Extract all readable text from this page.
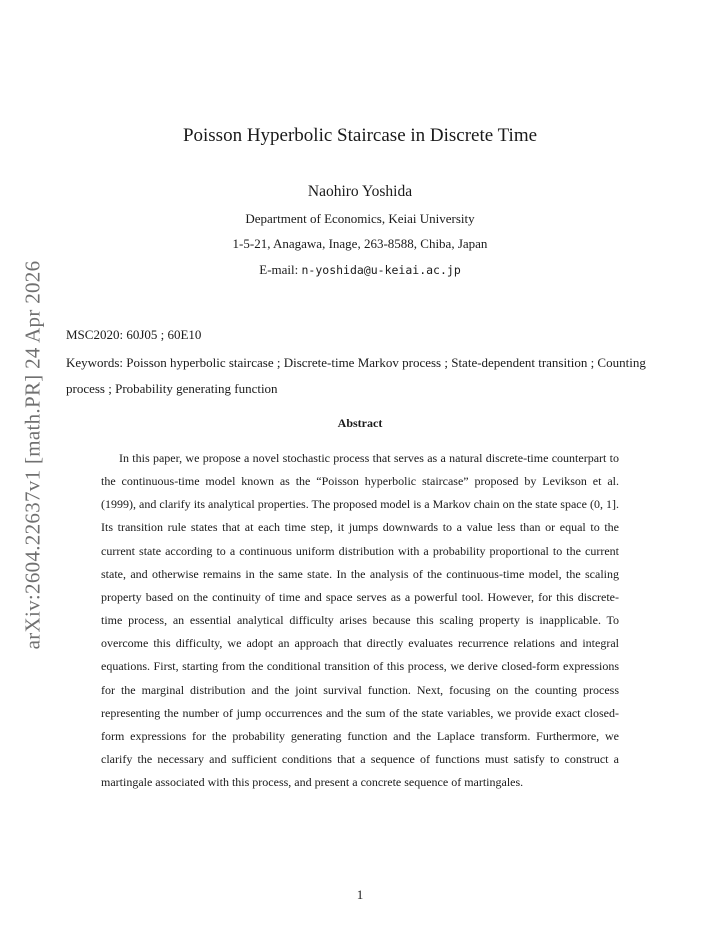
arXiv:2604.22637v1 [math.PR] 24 Apr 2026
Poisson Hyperbolic Staircase in Discrete Time
Naohiro Yoshida
Department of Economics, Keiai University
1-5-21, Anagawa, Inage, 263-8588, Chiba, Japan
E-mail: n-yoshida@u-keiai.ac.jp
MSC2020: 60J05 ; 60E10
Keywords: Poisson hyperbolic staircase ; Discrete-time Markov process ; State-dependent transition ; Counting process ; Probability generating function
Abstract
In this paper, we propose a novel stochastic process that serves as a natural discrete-time counterpart to the continuous-time model known as the “Poisson hyperbolic staircase” proposed by Levikson et al. (1999), and clarify its analytical properties. The proposed model is a Markov chain on the state space (0, 1]. Its transition rule states that at each time step, it jumps downwards to a value less than or equal to the current state according to a continuous uniform distribution with a probability proportional to the current state, and otherwise remains in the same state. In the analysis of the continuous-time model, the scaling property based on the continuity of time and space serves as a powerful tool. However, for this discrete-time process, an essential analytical difficulty arises because this scaling property is inapplicable. To overcome this difficulty, we adopt an approach that directly evaluates recurrence relations and integral equations. First, starting from the conditional transition of this process, we derive closed-form expressions for the marginal distribution and the joint survival function. Next, focusing on the counting process representing the number of jump occurrences and the sum of the state variables, we provide exact closed-form expressions for the probability generating function and the Laplace transform. Furthermore, we clarify the necessary and sufficient conditions that a sequence of functions must satisfy to construct a martingale associated with this process, and present a concrete sequence of martingales.
1
